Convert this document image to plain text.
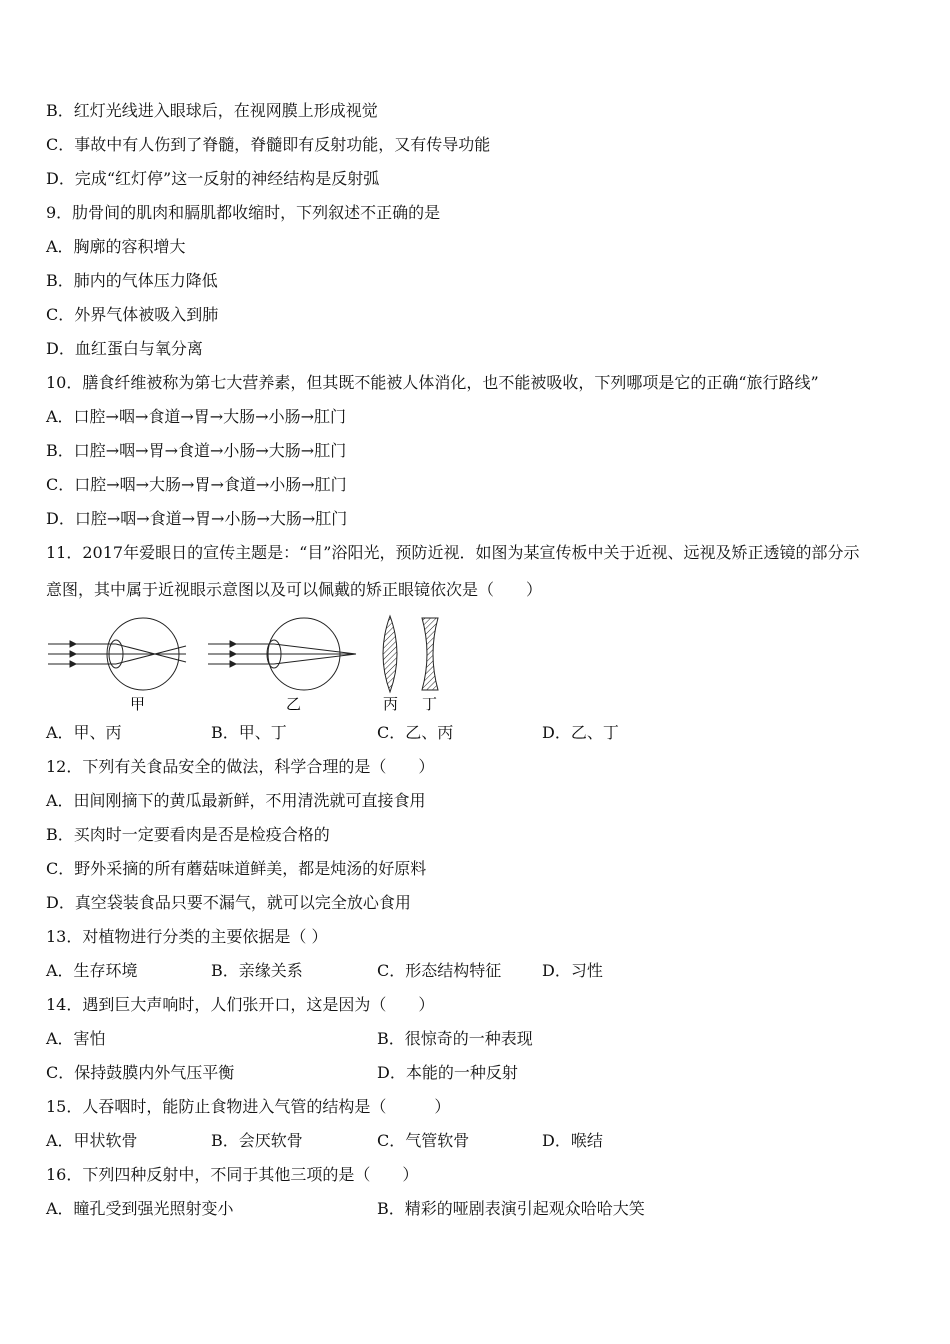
B．红灯光线进入眼球后，在视网膜上形成视觉
C．事故中有人伤到了脊髓，脊髓即有反射功能，又有传导功能
D．完成“红灯停”这一反射的神经结构是反射弧
9．肋骨间的肌肉和膈肌都收缩时，下列叙述不正确的是
A．胸廓的容积增大
B．肺内的气体压力降低
C．外界气体被吸入到肺
D．血红蛋白与氧分离
10．膳食纤维被称为第七大营养素，但其既不能被人体消化，也不能被吸收，下列哪项是它的正确“旅行路线”
A．口腔→咽→食道→胃→大肠→小肠→肛门
B．口腔→咽→胃→食道→小肠→大肠→肛门
C．口腔→咽→大肠→胃→食道→小肠→肛门
D．口腔→咽→食道→胃→小肠→大肠→肛门
11．2017年爱眼日的宣传主题是：“目”浴阳光，预防近视．如图为某宣传板中关于近视、远视及矫正透镜的部分示
意图，其中属于近视眼示意图以及可以佩戴的矫正眼镜依次是（　　）
甲	乙	丙 丁
A．甲、丙	B．甲、丁	C．乙、丙	D．乙、丁
12．下列有关食品安全的做法，科学合理的是（　　）
A．田间刚摘下的黄瓜最新鲜，不用清洗就可直接食用
B．买肉时一定要看肉是否是检疫合格的
C．野外采摘的所有蘑菇味道鲜美，都是炖汤的好原料
D．真空袋装食品只要不漏气，就可以完全放心食用
13．对植物进行分类的主要依据是（ ）
A．生存环境	B．亲缘关系	C．形态结构特征	D．习性
14．遇到巨大声响时，人们张开口，这是因为（　　）
A．害怕	B．很惊奇的一种表现
C．保持鼓膜内外气压平衡	D．本能的一种反射
15．人吞咽时，能防止食物进入气管的结构是（　　　）
A．甲状软骨	B．会厌软骨	C．气管软骨	D．喉结
16．下列四种反射中，不同于其他三项的是（　　）
A．瞳孔受到强光照射变小	B．精彩的哑剧表演引起观众哈哈大笑
